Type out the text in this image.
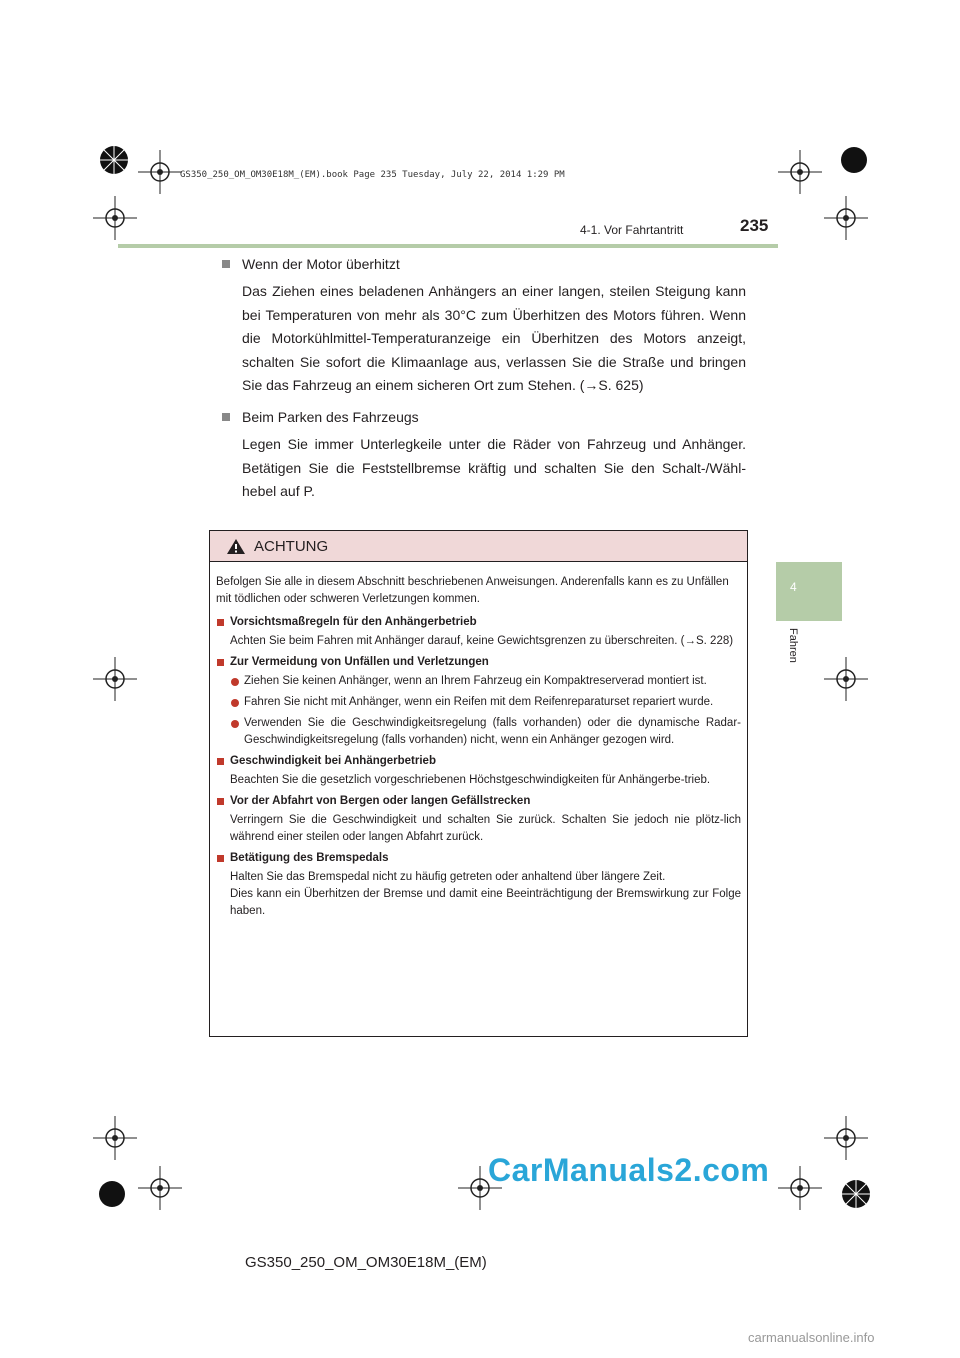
GS350_250_OM_OM30E18M_(EM).book Page 235 Tuesday, July 22, 2014 1:29 PM
4-1. Vor Fahrtantritt	235
4
Fahren
Wenn der Motor überhitzt

Das Ziehen eines beladenen Anhängers an einer langen, steilen Steigung kann bei Temperaturen von mehr als 30°C zum Überhitzen des Motors führen. Wenn die Motorkühlmittel-Temperaturanzeige ein Überhitzen des Motors anzeigt, schalten Sie sofort die Klimaanlage aus, verlassen Sie die Straße und bringen Sie das Fahrzeug an einem sicheren Ort zum Stehen. (→S. 625)

Beim Parken des Fahrzeugs

Legen Sie immer Unterlegkeile unter die Räder von Fahrzeug und Anhänger. Betätigen Sie die Feststellbremse kräftig und schalten Sie den Schalt-/Wähl-hebel auf P.

ACHTUNG

Befolgen Sie alle in diesem Abschnitt beschriebenen Anweisungen. Anderenfalls kann es zu Unfällen mit tödlichen oder schweren Verletzungen kommen.

Vorsichtsmaßregeln für den Anhängerbetrieb

Achten Sie beim Fahren mit Anhänger darauf, keine Gewichtsgrenzen zu überschreiten. (→S. 228)

Zur Vermeidung von Unfällen und Verletzungen

Ziehen Sie keinen Anhänger, wenn an Ihrem Fahrzeug ein Kompaktreserverad montiert ist.

Fahren Sie nicht mit Anhänger, wenn ein Reifen mit dem Reifenreparaturset repariert wurde.

Verwenden Sie die Geschwindigkeitsregelung (falls vorhanden) oder die dynamische Radar-Geschwindigkeitsregelung (falls vorhanden) nicht, wenn ein Anhänger gezogen wird.

Geschwindigkeit bei Anhängerbetrieb

Beachten Sie die gesetzlich vorgeschriebenen Höchstgeschwindigkeiten für Anhängerbe-trieb.

Vor der Abfahrt von Bergen oder langen Gefällstrecken

Verringern Sie die Geschwindigkeit und schalten Sie zurück. Schalten Sie jedoch nie plötz-lich während einer steilen oder langen Abfahrt zurück.

Betätigung des Bremspedals

Halten Sie das Bremspedal nicht zu häufig getreten oder anhaltend über längere Zeit.
Dies kann ein Überhitzen der Bremse und damit eine Beeinträchtigung der Bremswirkung zur Folge haben.

CarManuals2.com
GS350_250_OM_OM30E18M_(EM)
carmanualsonline.info
